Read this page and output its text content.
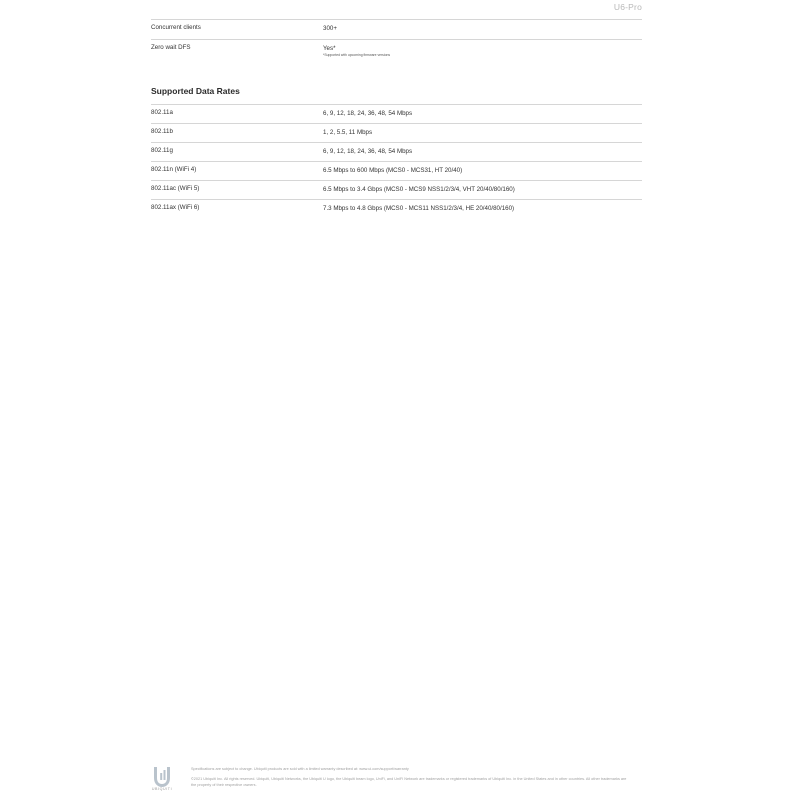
U6-Pro
Concurrent clients	300+
Zero wait DFS	Yes*
*Supported with upcoming firmware versions
Supported Data Rates
802.11a	6, 9, 12, 18, 24, 36, 48, 54 Mbps
802.11b	1, 2, 5.5, 11 Mbps
802.11g	6, 9, 12, 18, 24, 36, 48, 54 Mbps
802.11n (WiFi 4)	6.5 Mbps to 600 Mbps (MCS0 - MCS31, HT 20/40)
802.11ac (WiFi 5)	6.5 Mbps to 3.4 Gbps (MCS0 - MCS9 NSS1/2/3/4, VHT 20/40/80/160)
802.11ax (WiFi 6)	7.3 Mbps to 4.8 Gbps (MCS0 - MCS11 NSS1/2/3/4, HE 20/40/80/160)
UBIQUITI
Specifications are subject to change. Ubiquiti products are sold with a limited warranty described at: www.ui.com/support/warranty
©2021 Ubiquiti Inc. All rights reserved. Ubiquiti, Ubiquiti Networks, the Ubiquiti U logo, the Ubiquiti beam logo, UniFi, and UniFi Network are trademarks or registered trademarks of Ubiquiti Inc. in the United States and in other countries. All other trademarks are the property of their respective owners.
